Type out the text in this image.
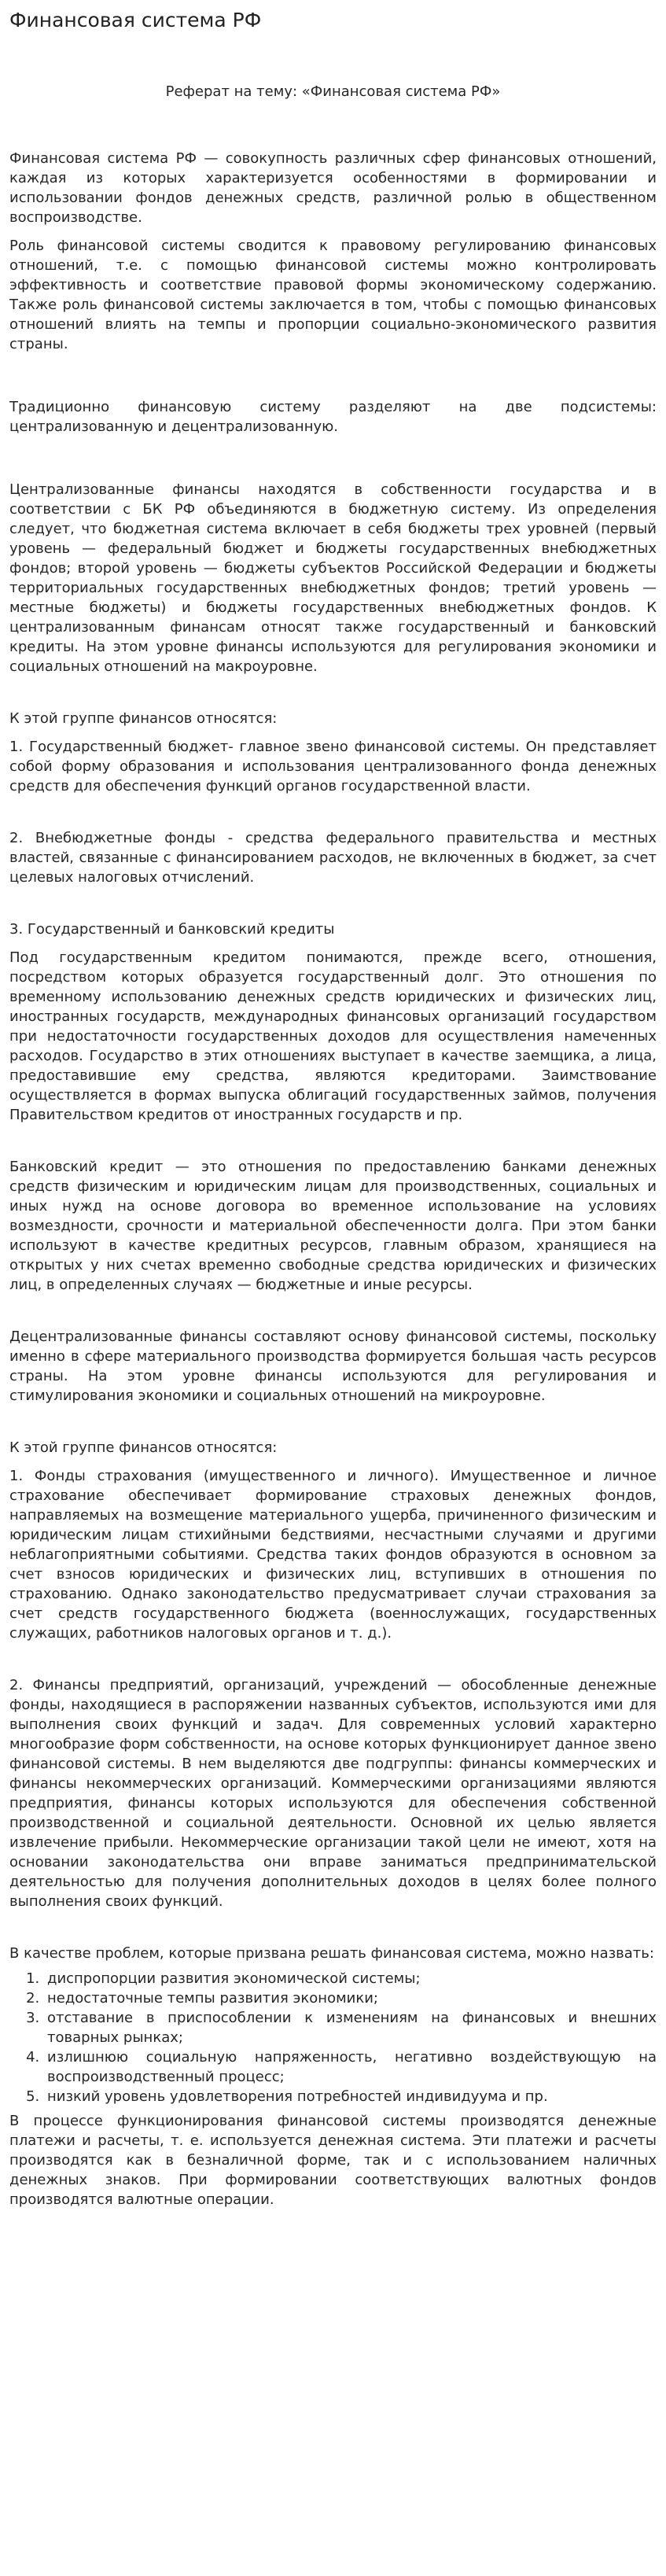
Финансовая система РФ
Реферат на тему: «Финансовая система РФ»

Финансовая система РФ — совокупность различных сфер финансовых отношений, каждая из которых характеризуется особенностями в формировании и использовании фондов денежных средств, различной ролью в общественном воспроизводстве.

Роль финансовой системы сводится к правовому регулированию финансовых отношений, т.е. с помощью финансовой системы можно контролировать эффективность и соответствие правовой формы экономическому содержанию. Также роль финансовой системы заключается в том, чтобы с помощью финансовых отношений влиять на темпы и пропорции социально-экономического развития страны.

Традиционно финансовую систему разделяют на две подсистемы: централизованную и децентрализованную.

Централизованные финансы находятся в собственности государства и в соответствии с БК РФ объединяются в бюджетную систему. Из определения следует, что бюджетная система включает в себя бюджеты трех уровней (первый уровень — федеральный бюджет и бюджеты государственных внебюджетных фондов; второй уровень — бюджеты субъектов Российской Федерации и бюджеты территориальных государственных внебюджетных фондов; третий уровень — местные бюджеты) и бюджеты государственных внебюджетных фондов. К централизованным финансам относят также государственный и банковский кредиты. На этом уровне финансы используются для регулирования экономики и социальных отношений на макроуровне.

К этой группе финансов относятся:

1. Государственный бюджет- главное звено финансовой системы. Он представляет собой форму образования и использования централизованного фонда денежных средств для обеспечения функций органов государственной власти.

2. Внебюджетные фонды - средства федерального правительства и местных властей, связанные с финансированием расходов, не включенных в бюджет, за счет целевых налоговых отчислений.

3. Государственный и банковский кредиты

Под государственным кредитом понимаются, прежде всего, отношения, посредством которых образуется государственный долг. Это отношения по временному использованию денежных средств юридических и физических лиц, иностранных государств, международных финансовых организаций государством при недостаточности государственных доходов для осуществления намеченных расходов. Государство в этих отношениях выступает в качестве заемщика, а лица, предоставившие ему средства, являются кредиторами. Заимствование осуществляется в формах выпуска облигаций государственных займов, получения Правительством кредитов от иностранных государств и пр.

Банковский кредит — это отношения по предоставлению банками денежных средств физическим и юридическим лицам для производственных, социальных и иных нужд на основе договора во временное использование на условиях возмездности, срочности и материальной обеспеченности долга. При этом банки используют в качестве кредитных ресурсов, главным образом, хранящиеся на открытых у них счетах временно свободные средства юридических и физических лиц, в определенных случаях — бюджетные и иные ресурсы.

Децентрализованные финансы составляют основу финансовой системы, поскольку именно в сфере материального производства формируется большая часть ресурсов страны. На этом уровне финансы используются для регулирования и стимулирования экономики и социальных отношений на микроуровне.

К этой группе финансов относятся:

1. Фонды страхования (имущественного и личного). Имущественное и личное страхование обеспечивает формирование страховых денежных фондов, направляемых на возмещение материального ущерба, причиненного физическим и юридическим лицам стихийными бедствиями, несчастными случаями и другими неблагоприятными событиями. Средства таких фондов образуются в основном за счет взносов юридических и физических лиц, вступивших в отношения по страхованию. Однако законодательство предусматривает случаи страхования за счет средств государственного бюджета (военнослужащих, государственных служащих, работников налоговых органов и т. д.).

2. Финансы предприятий, организаций, учреждений — обособленные денежные фонды, находящиеся в распоряжении названных субъектов, используются ими для выполнения своих функций и задач. Для современных условий характерно многообразие форм собственности, на основе которых функционирует данное звено финансовой системы. В нем выделяются две подгруппы: финансы коммерческих и финансы некоммерческих организаций. Коммерческими организациями являются предприятия, финансы которых используются для обеспечения собственной производственной и социальной деятельности. Основной их целью является извлечение прибыли. Некоммерческие организации такой цели не имеют, хотя на основании законодательства они вправе заниматься предпринимательской деятельностью для получения дополнительных доходов в целях более полного выполнения своих функций.

В качестве проблем, которые призвана решать финансовая система, можно назвать:

1. диспропорции развития экономической системы;
2. недостаточные темпы развития экономики;
3. отставание в приспособлении к изменениям на финансовых и внешних товарных рынках;
4. излишнюю социальную напряженность, негативно воздействующую на воспроизводственный процесс;
5. низкий уровень удовлетворения потребностей индивидуума и пр.

В процессе функционирования финансовой системы производятся денежные платежи и расчеты, т. е. используется денежная система. Эти платежи и расчеты производятся как в безналичной форме, так и с использованием наличных денежных знаков. При формировании соответствующих валютных фондов производятся валютные операции.
